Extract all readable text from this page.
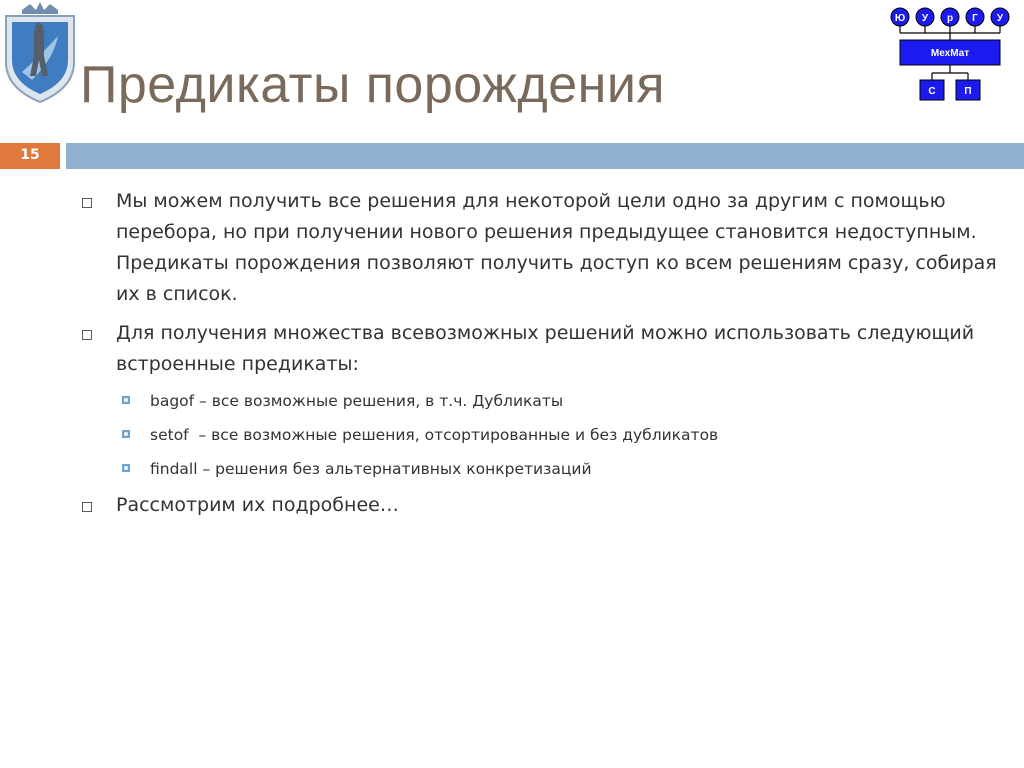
Предикаты порождения
Ю У р Г У
МехМат
С	П
15
Мы можем получить все решения для некоторой цели одно за другим с помощью перебора, но при получении нового решения предыдущее становится недоступным. Предикаты порождения позволяют получить доступ ко всем решениям сразу, собирая их в список.
Для получения множества всевозможных решений можно использовать следующий встроенные предикаты:
bagof – все возможные решения, в т.ч. Дубликаты
setof  – все возможные решения, отсортированные и без дубликатов
findall – решения без альтернативных конкретизаций
Рассмотрим их подробнее…
